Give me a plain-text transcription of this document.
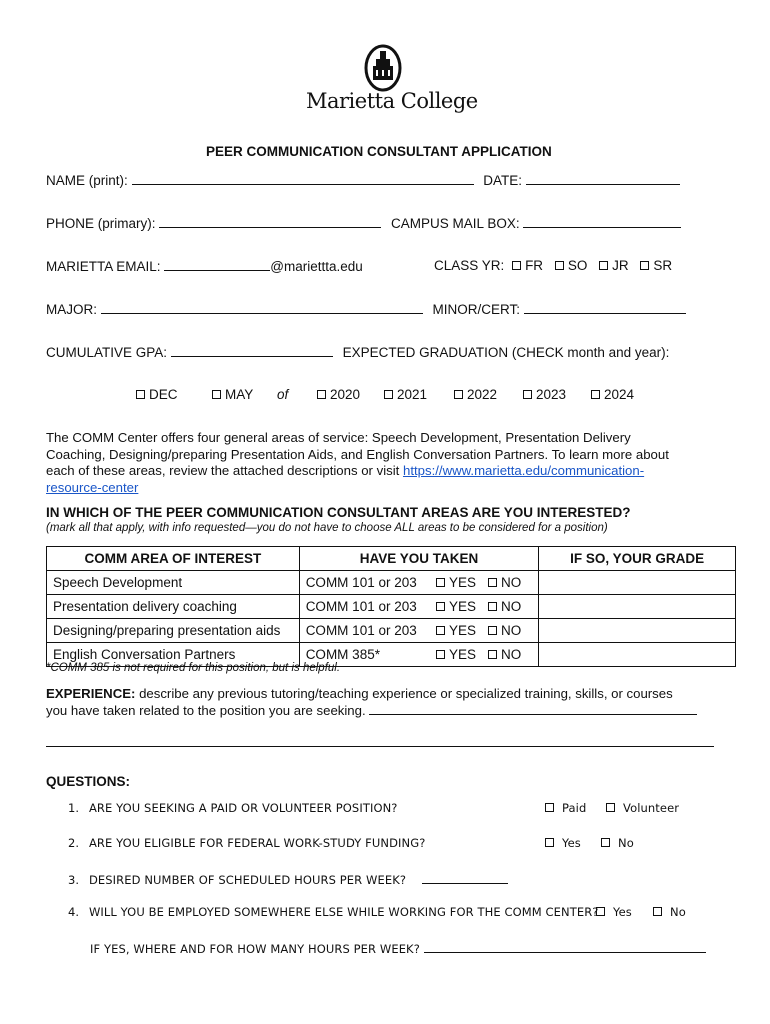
Marietta College
PEER COMMUNICATION CONSULTANT APPLICATION
NAME (print):	DATE:
PHONE (primary):	CAMPUS MAIL BOX:
MARIETTA EMAIL:	@mariettta.edu	CLASS YR: FR SO JR SR
MAJOR:	MINOR/CERT:
CUMULATIVE GPA:	EXPECTED GRADUATION (CHECK month and year):
DEC	MAY of	2020	2021	2022	2023	2024
The COMM Center offers four general areas of service: Speech Development, Presentation Delivery
Coaching, Designing/preparing Presentation Aids, and English Conversation Partners. To learn more about
each of these areas, review the attached descriptions or visit https://www.marietta.edu/communication-
resource-center
IN WHICH OF THE PEER COMMUNICATION CONSULTANT AREAS ARE YOU INTERESTED?
(mark all that apply, with info requested—you do not have to choose ALL areas to be considered for a position)
COMM AREA OF INTEREST	HAVE YOU TAKEN		IF SO, YOUR GRADE
Speech Development	COMM 101 or 203	YES NO	
Presentation delivery coaching	COMM 101 or 203	YES NO	
Designing/preparing presentation aids	COMM 101 or 203	YES NO	
English Conversation Partners	COMM 385*	YES NO	
*COMM 385 is not required for this position, but is helpful.
EXPERIENCE: describe any previous tutoring/teaching experience or specialized training, skills, or courses
you have taken related to the position you are seeking.
QUESTIONS:
1. ARE YOU SEEKING A PAID OR VOLUNTEER POSITION?	Paid	Volunteer
2. ARE YOU ELIGIBLE FOR FEDERAL WORK-STUDY FUNDING?	Yes	No
3. DESIRED NUMBER OF SCHEDULED HOURS PER WEEK?
4. WILL YOU BE EMPLOYED SOMEWHERE ELSE WHILE WORKING FOR THE COMM CENTER?	Yes	No
IF YES, WHERE AND FOR HOW MANY HOURS PER WEEK?
